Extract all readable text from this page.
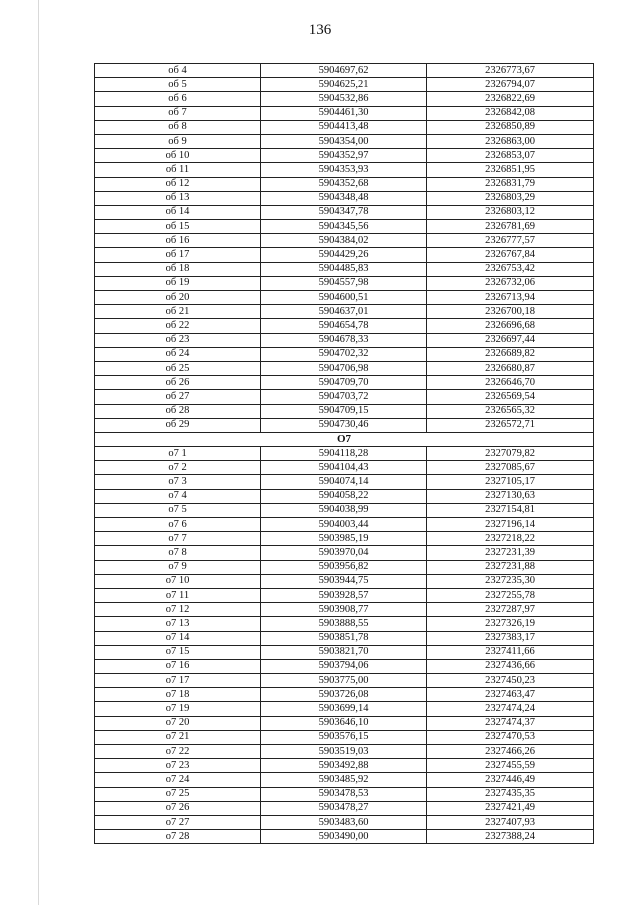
136
об 4	5904697,62	2326773,67
об 5	5904625,21	2326794,07
об 6	5904532,86	2326822,69
об 7	5904461,30	2326842,08
об 8	5904413,48	2326850,89
об 9	5904354,00	2326863,00
об 10	5904352,97	2326853,07
об 11	5904353,93	2326851,95
об 12	5904352,68	2326831,79
об 13	5904348,48	2326803,29
об 14	5904347,78	2326803,12
об 15	5904345,56	2326781,69
об 16	5904384,02	2326777,57
об 17	5904429,26	2326767,84
об 18	5904485,83	2326753,42
об 19	5904557,98	2326732,06
об 20	5904600,51	2326713,94
об 21	5904637,01	2326700,18
об 22	5904654,78	2326696,68
об 23	5904678,33	2326697,44
об 24	5904702,32	2326689,82
об 25	5904706,98	2326680,87
об 26	5904709,70	2326646,70
об 27	5904703,72	2326569,54
об 28	5904709,15	2326565,32
об 29	5904730,46	2326572,71
О7		
о7 1	5904118,28	2327079,82
о7 2	5904104,43	2327085,67
о7 3	5904074,14	2327105,17
о7 4	5904058,22	2327130,63
о7 5	5904038,99	2327154,81
о7 6	5904003,44	2327196,14
о7 7	5903985,19	2327218,22
о7 8	5903970,04	2327231,39
о7 9	5903956,82	2327231,88
о7 10	5903944,75	2327235,30
о7 11	5903928,57	2327255,78
о7 12	5903908,77	2327287,97
о7 13	5903888,55	2327326,19
о7 14	5903851,78	2327383,17
о7 15	5903821,70	2327411,66
о7 16	5903794,06	2327436,66
о7 17	5903775,00	2327450,23
о7 18	5903726,08	2327463,47
о7 19	5903699,14	2327474,24
о7 20	5903646,10	2327474,37
о7 21	5903576,15	2327470,53
о7 22	5903519,03	2327466,26
о7 23	5903492,88	2327455,59
о7 24	5903485,92	2327446,49
о7 25	5903478,53	2327435,35
о7 26	5903478,27	2327421,49
о7 27	5903483,60	2327407,93
о7 28	5903490,00	2327388,24
